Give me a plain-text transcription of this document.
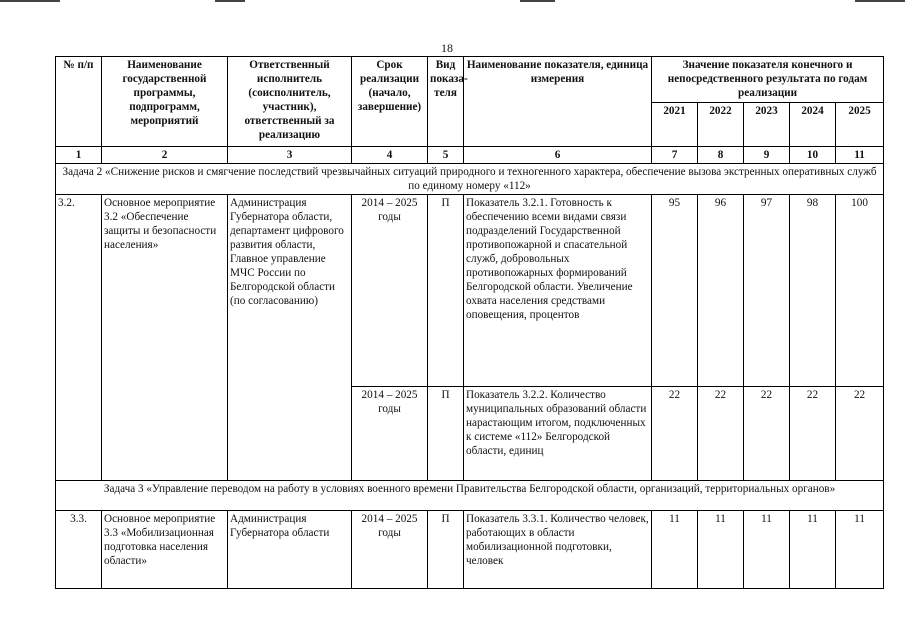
18
№ п/п	Наименование государственной программы, подпрограмм, мероприятий	Ответственный исполнитель (соисполнитель, участник), ответственный за реализацию	Срок реализации (начало, завершение)	Вид показа-теля	Наименование показателя, единица измерения	Значение показателя конечного и непосредственного результата по годам реализации				
						2021	2022	2023	2024	2025
1	2	3	4	5	6	7	8	9	10	11
Задача 2 «Снижение рисков и смягчение последствий чрезвычайных ситуаций природного и техногенного характера, обеспечение вызова экстренных оперативных служб по единому номеру «112»										
3.2.	Основное мероприятие 3.2 «Обеспечение защиты и безопасности населения»	Администрация Губернатора области, департамент цифрового развития области, Главное управление МЧС России по Белгородской области (по согласованию)	2014 – 2025 годы	П	Показатель 3.2.1. Готовность к обеспечению всеми видами связи подразделений Государственной противопожарной и спасательной служб, добровольных противопожарных формирований Белгородской области. Увеличение охвата населения средствами оповещения, процентов	95	96	97	98	100
			2014 – 2025 годы	П	Показатель 3.2.2. Количество муниципальных образований области нарастающим итогом, подключенных к системе «112» Белгородской области, единиц	22	22	22	22	22
Задача 3 «Управление переводом на работу в условиях военного времени Правительства Белгородской области, организаций, территориальных органов»										
3.3.	Основное мероприятие 3.3 «Мобилизационная подготовка населения области»	Администрация Губернатора области	2014 – 2025 годы	П	Показатель 3.3.1. Количество человек, работающих в области мобилизационной подготовки, человек	11	11	11	11	11
